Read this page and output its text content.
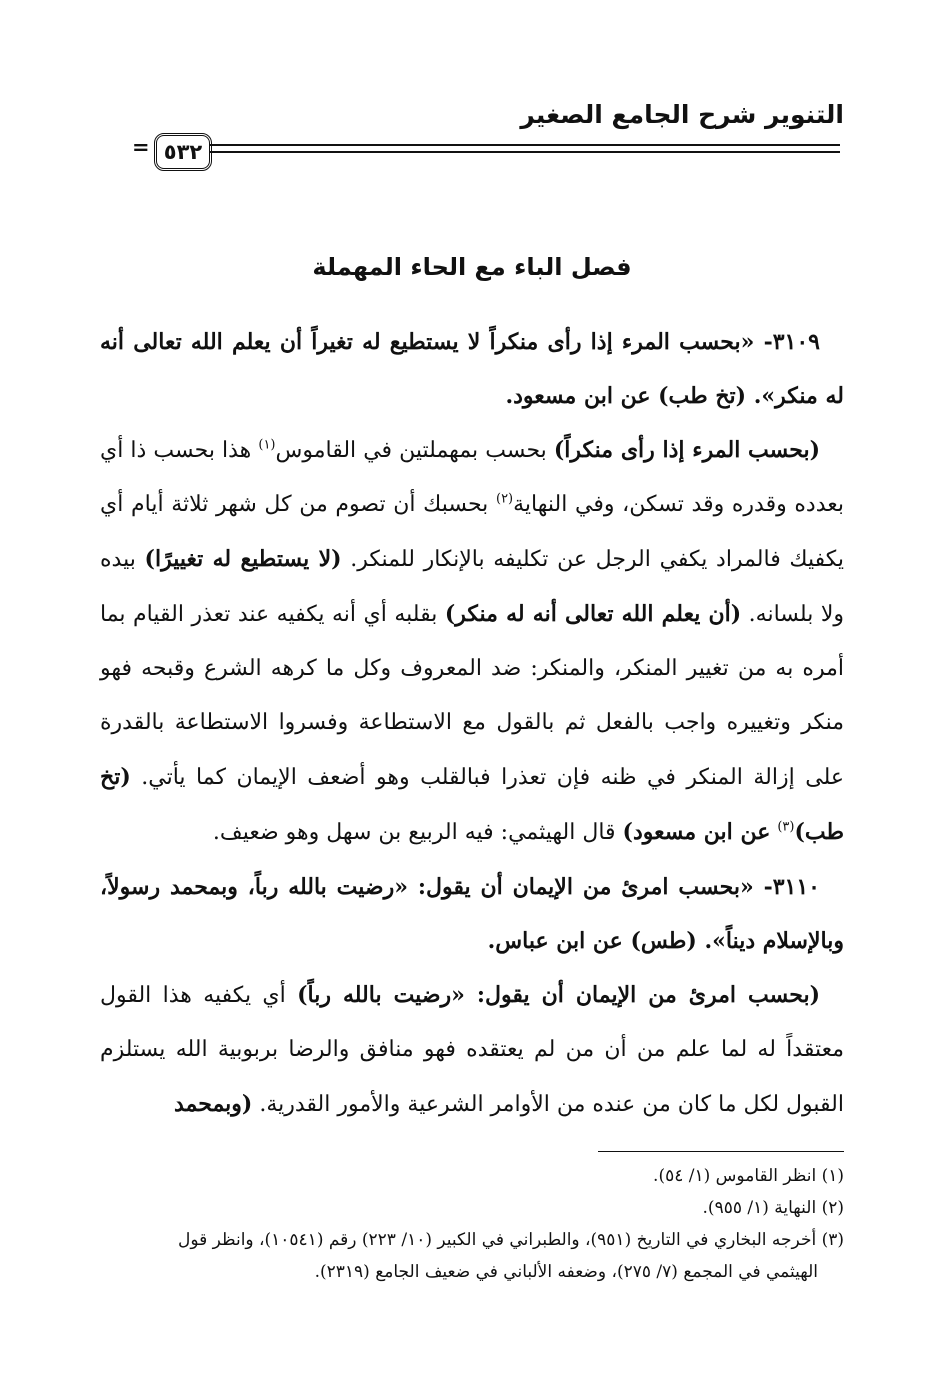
التنوير شرح الجامع الصغير
٥٣٢
=
فصل الباء مع الحاء المهملة

٣١٠٩- «بحسب المرء إذا رأى منكراً لا يستطيع له تغيراً أن يعلم الله تعالى أنه له منكر». (تخ طب) عن ابن مسعود.

(بحسب المرء إذا رأى منكراً) بحسب بمهملتين في القاموس$^{(١)}$ هذا بحسب ذا أي بعدده وقدره وقد تسكن، وفي النهاية$^{(٢)}$ بحسبك أن تصوم من كل شهر ثلاثة أيام أي يكفيك فالمراد يكفي الرجل عن تكليفه بالإنكار للمنكر. (لا يستطيع له تغييرًا) بيده ولا بلسانه. (أن يعلم الله تعالى أنه له منكر) بقلبه أي أنه يكفيه عند تعذر القيام بما أمره به من تغيير المنكر، والمنكر: ضد المعروف وكل ما كرهه الشرع وقبحه فهو منكر وتغييره واجب بالفعل ثم بالقول مع الاستطاعة وفسروا الاستطاعة بالقدرة على إزالة المنكر في ظنه فإن تعذرا فبالقلب وهو أضعف الإيمان كما يأتي. (تخ طب)$^{(٣)}$ عن ابن مسعود) قال الهيثمي: فيه الربيع بن سهل وهو ضعيف.

٣١١٠- «بحسب امرئ من الإيمان أن يقول: «رضيت بالله رباً، وبمحمد رسولاً، وبالإسلام ديناً». (طس) عن ابن عباس.

(بحسب امرئ من الإيمان أن يقول: «رضيت بالله رباً) أي يكفيه هذا القول معتقداً له لما علم من أن من لم يعتقده فهو منافق والرضا بربوبية الله يستلزم القبول لكل ما كان من عنده من الأوامر الشرعية والأمور القدرية. (وبمحمد

(١) انظر القاموس (١/ ٥٤).

(٢) النهاية (١/ ٩٥٥).

(٣) أخرجه البخاري في التاريخ (٩٥١)، والطبراني في الكبير (١٠/ ٢٢٣) رقم (١٠٥٤١)، وانظر قول

الهيثمي في المجمع (٧/ ٢٧٥)، وضعفه الألباني في ضعيف الجامع (٢٣١٩).
